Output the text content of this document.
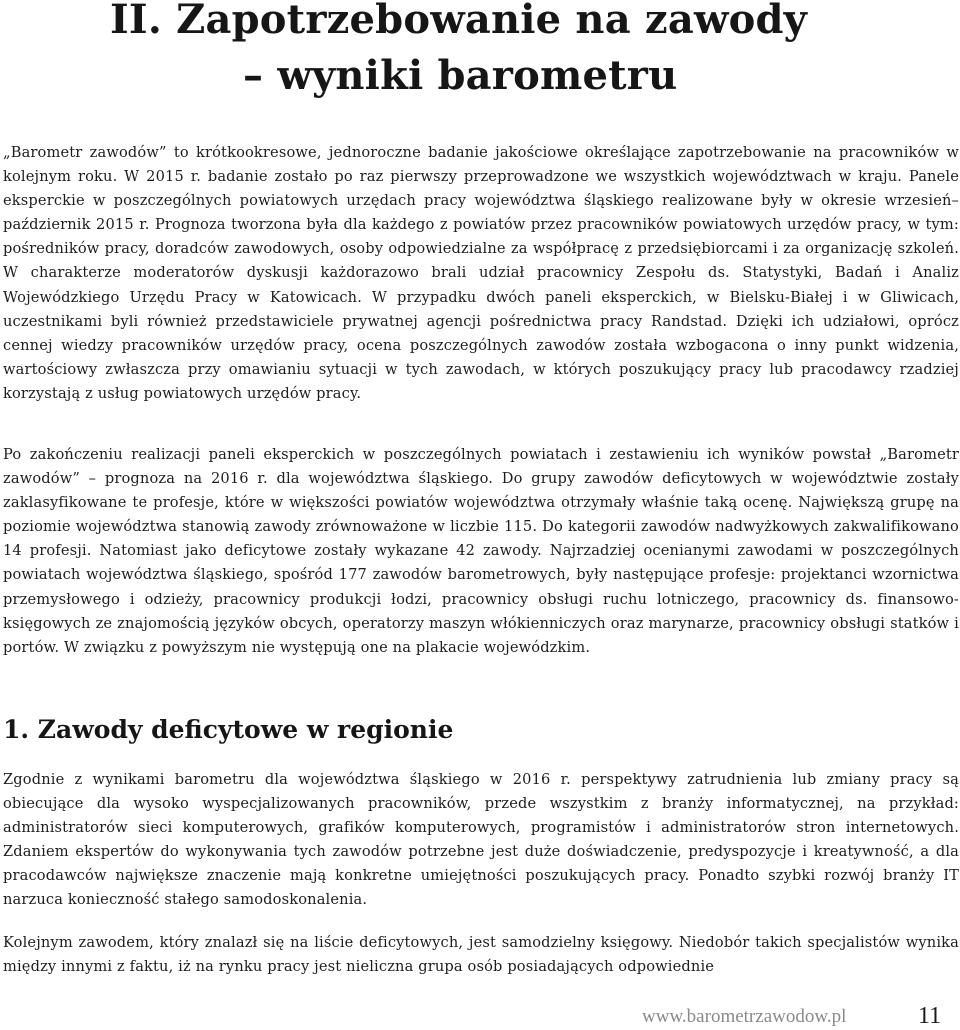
II. Zapotrzebowanie na zawody
– wyniki barometru

„Barometr zawodów” to krótkookresowe, jednoroczne badanie jakościowe określające zapotrzebowanie na pracowników w kolejnym roku. W 2015 r. badanie zostało po raz pierwszy przeprowadzone we wszystkich województwach w kraju. Panele eksperckie w poszczególnych powiatowych urzędach pracy województwa śląskiego realizowane były w okresie wrzesień–październik 2015 r. Prognoza tworzona była dla każdego z powiatów przez pracowników powiatowych urzędów pracy, w tym: pośredników pracy, doradców zawodowych, osoby odpowiedzialne za współpracę z przedsiębiorcami i za organizację szkoleń. W charakterze moderatorów dyskusji każdorazowo brali udział pracownicy Zespołu ds. Statystyki, Badań i Analiz Wojewódzkiego Urzędu Pracy w Katowicach. W przypadku dwóch paneli eksperckich, w Bielsku-Białej i w Gliwicach, uczestnikami byli również przedstawiciele prywatnej agencji pośrednictwa pracy Randstad. Dzięki ich udziałowi, oprócz cennej wiedzy pracowników urzędów pracy, ocena poszczególnych zawodów została wzbogacona o inny punkt widzenia, wartościowy zwłaszcza przy omawianiu sytuacji w tych zawodach, w których poszukujący pracy lub pracodawcy rzadziej korzystają z usług powiatowych urzędów pracy.

Po zakończeniu realizacji paneli eksperckich w poszczególnych powiatach i zestawieniu ich wyników powstał „Barometr zawodów” – prognoza na 2016 r. dla województwa śląskiego. Do grupy zawodów deficytowych w województwie zostały zaklasyfikowane te profesje, które w większości powiatów województwa otrzymały właśnie taką ocenę. Największą grupę na poziomie województwa stanowią zawody zrównoważone w liczbie 115. Do kategorii zawodów nadwyżkowych zakwalifikowano 14 profesji. Natomiast jako deficytowe zostały wykazane 42 zawody. Najrzadziej ocenianymi zawodami w poszczególnych powiatach województwa śląskiego, spośród 177 zawodów barometrowych, były następujące profesje: projektanci wzornictwa przemysłowego i odzieży, pracownicy produkcji łodzi, pracownicy obsługi ruchu lotniczego, pracownicy ds. finansowo-księgowych ze znajomością języków obcych, operatorzy maszyn włókienniczych oraz marynarze, pracownicy obsługi statków i portów. W związku z powyższym nie występują one na plakacie wojewódzkim.

1. Zawody deficytowe w regionie

Zgodnie z wynikami barometru dla województwa śląskiego w 2016 r. perspektywy zatrudnienia lub zmiany pracy są obiecujące dla wysoko wyspecjalizowanych pracowników, przede wszystkim z branży informatycznej, na przykład: administratorów sieci komputerowych, grafików komputerowych, programistów i administratorów stron internetowych. Zdaniem ekspertów do wykonywania tych zawodów potrzebne jest duże doświadczenie, predyspozycje i kreatywność, a dla pracodawców największe znaczenie mają konkretne umiejętności poszukujących pracy. Ponadto szybki rozwój branży IT narzuca konieczność stałego samodoskonalenia.

Kolejnym zawodem, który znalazł się na liście deficytowych, jest samodzielny księgowy. Niedobór takich specjalistów wynika między innymi z faktu, iż na rynku pracy jest nieliczna grupa osób posiadających odpowiednie

www.barometrzawodow.pl	11
